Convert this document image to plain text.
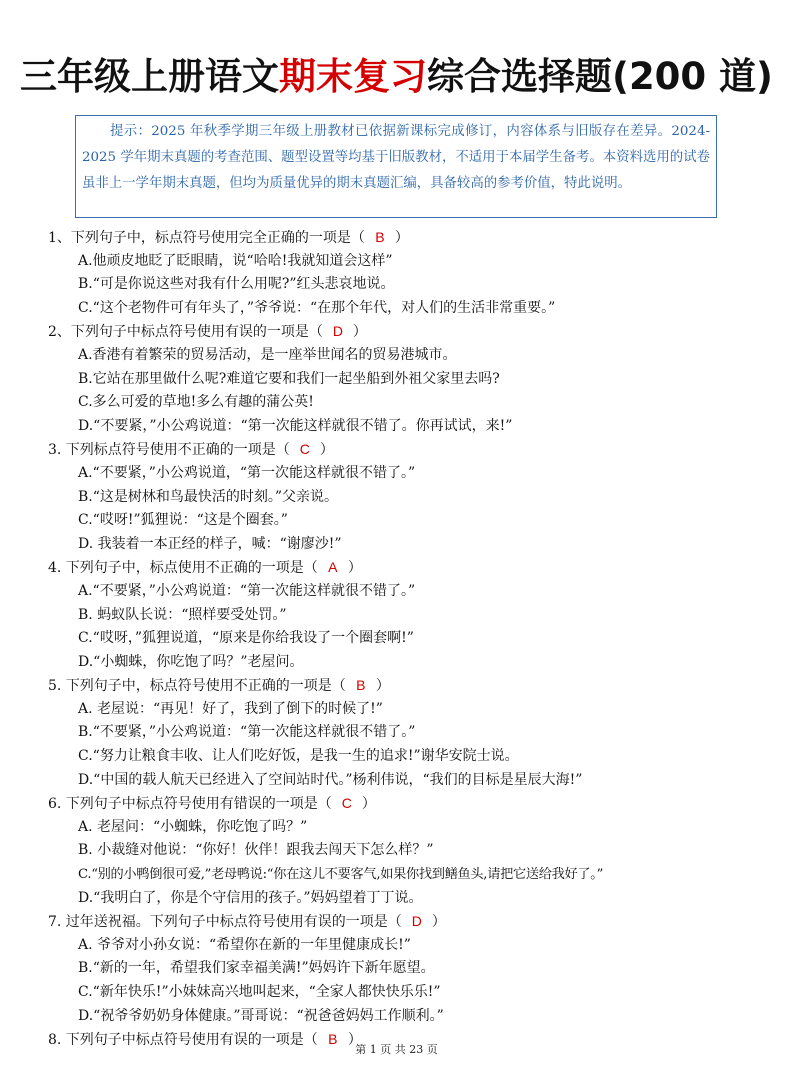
三年级上册语文期末复习综合选择题(200 道)
提示：2025 年秋季学期三年级上册教材已依据新课标完成修订，内容体系与旧版存在差异。2024-2025 学年期末真题的考查范围、题型设置等均基于旧版教材，不适用于本届学生备考。本资料选用的试卷虽非上一学年期末真题，但均为质量优异的期末真题汇编，具备较高的参考价值，特此说明。
1、下列句子中，标点符号使用完全正确的一项是（ B ）
A.他顽皮地眨了眨眼睛，说“哈哈!我就知道会这样”
B.“可是你说这些对我有什么用呢?”红头悲哀地说。
C.“这个老物件可有年头了，”爷爷说：“在那个年代，对人们的生活非常重要。”
2、下列句子中标点符号使用有误的一项是（ D ）
A.香港有着繁荣的贸易活动，是一座举世闻名的贸易港城市。
B.它站在那里做什么呢?难道它要和我们一起坐船到外祖父家里去吗?
C.多么可爱的草地!多么有趣的蒲公英!
D.“不要紧，”小公鸡说道：“第一次能这样就很不错了。你再试试，来!”
3. 下列标点符号使用不正确的一项是（ C ）
A.“不要紧，”小公鸡说道，“第一次能这样就很不错了。”
B.“这是树林和鸟最快活的时刻。”父亲说。
C.“哎呀!”狐狸说：“这是个圈套。”
D. 我装着一本正经的样子，喊：“谢廖沙!”
4. 下列句子中，标点使用不正确的一项是（ A ）
A.“不要紧，”小公鸡说道：“第一次能这样就很不错了。”
B. 蚂蚁队长说：“照样要受处罚。”
C.“哎呀，”狐狸说道，“原来是你给我设了一个圈套啊!”
D.“小蜘蛛，你吃饱了吗？”老屋问。
5. 下列句子中，标点符号使用不正确的一项是（ B ）
A. 老屋说：“再见！好了，我到了倒下的时候了!”
B.“不要紧，”小公鸡说道：“第一次能这样就很不错了。”
C.“努力让粮食丰收、让人们吃好饭，是我一生的追求!”谢华安院士说。
D.“中国的载人航天已经进入了空间站时代。”杨利伟说，“我们的目标是星辰大海!”
6. 下列句子中标点符号使用有错误的一项是（ C ）
A. 老屋问：“小蜘蛛，你吃饱了吗？”
B. 小裁缝对他说：“你好！伙伴！跟我去闯天下怎么样？”
C.“别的小鸭倒很可爱,”老母鸭说:“你在这儿不要客气,如果你找到鳝鱼头,请把它送给我好了。”
D.“我明白了，你是个守信用的孩子。”妈妈望着丁丁说。
7. 过年送祝福。下列句子中标点符号使用有误的一项是（ D ）
A. 爷爷对小孙女说：“希望你在新的一年里健康成长!”
B.“新的一年，希望我们家幸福美满!”妈妈许下新年愿望。
C.“新年快乐!”小妹妹高兴地叫起来，“全家人都快快乐乐!”
D.“祝爷爷奶奶身体健康。”哥哥说：“祝爸爸妈妈工作顺利。”
8. 下列句子中标点符号使用有误的一项是（ B ）
第 1 页 共 23 页
